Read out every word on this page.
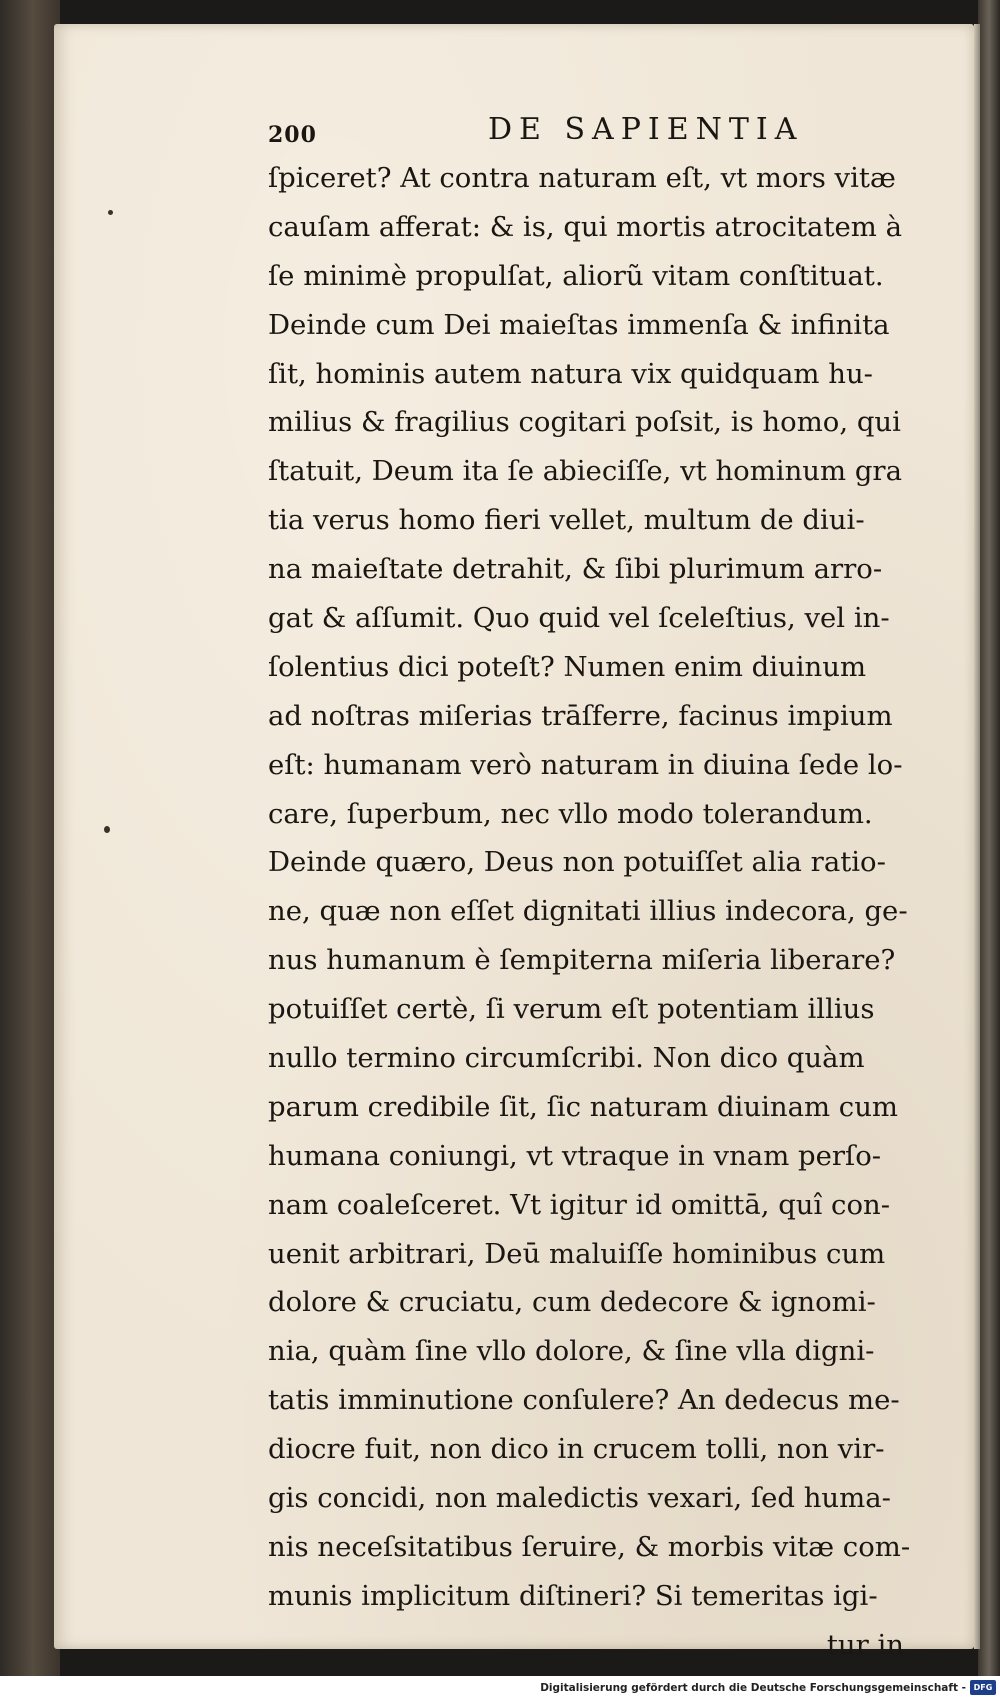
200	DE SAPIENTIA
ſpiceret? At contra naturam eſt, vt mors vitæ
cauſam afferat: & is, qui mortis atrocitatem à
ſe minimè propulſat, aliorũ vitam conſtituat.
Deinde cum Dei maieſtas immenſa & infinita
ſit, hominis autem natura vix quidquam hu-
milius & fragilius cogitari poſsit, is homo, qui
ſtatuit, Deum ita ſe abieciſſe, vt hominum gra
tia verus homo fieri vellet, multum de diui-
na maieſtate detrahit, & ſibi plurimum arro-
gat & aſſumit. Quo quid vel ſceleſtius, vel in-
ſolentius dici poteſt? Numen enim diuinum
ad noſtras miſerias trāſferre, facinus impium
eſt: humanam verò naturam in diuina ſede lo-
care, ſuperbum, nec vllo modo tolerandum.
Deinde quæro, Deus non potuiſſet alia ratio-
ne, quæ non eſſet dignitati illius indecora, ge-
nus humanum è ſempiterna miſeria liberare?
potuiſſet certè, ſi verum eſt potentiam illius
nullo termino circumſcribi. Non dico quàm
parum credibile ſit, ſic naturam diuinam cum
humana coniungi, vt vtraque in vnam perſo-
nam coaleſceret. Vt igitur id omittā, quî con-
uenit arbitrari, Deū maluiſſe hominibus cum
dolore & cruciatu, cum dedecore & ignomi-
nia, quàm ſine vllo dolore, & ſine vlla digni-
tatis imminutione conſulere? An dedecus me-
diocre fuit, non dico in crucem tolli, non vir-
gis concidi, non maledictis vexari, ſed huma-
nis neceſsitatibus ſeruire, & morbis vitæ com-
munis implicitum diſtineri? Si temeritas igi-
tur in
Digitalisierung gefördert durch die Deutsche Forschungsgemeinschaft - DFG
